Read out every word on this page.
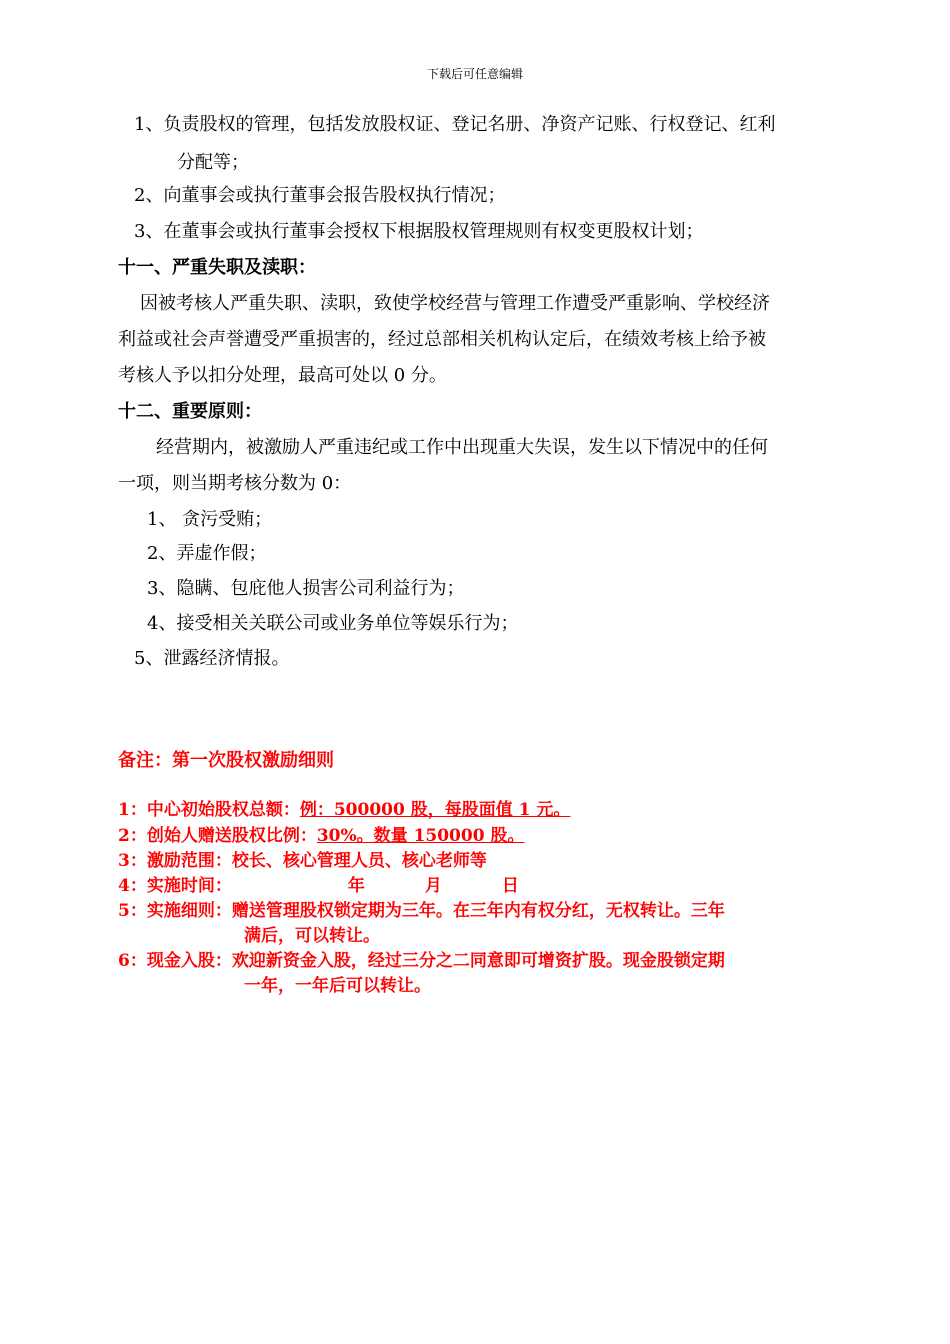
下载后可任意编辑
1、负责股权的管理，包括发放股权证、登记名册、净资产记账、行权登记、红利
分配等；
2、向董事会或执行董事会报告股权执行情况；
3、在董事会或执行董事会授权下根据股权管理规则有权变更股权计划；
十一、严重失职及渎职：
因被考核人严重失职、渎职，致使学校经营与管理工作遭受严重影响、学校经济
利益或社会声誉遭受严重损害的，经过总部相关机构认定后，在绩效考核上给予被
考核人予以扣分处理，最高可处以 0 分。
十二、重要原则：
经营期内，被激励人严重违纪或工作中出现重大失误，发生以下情况中的任何
一项，则当期考核分数为 0：
1、 贪污受贿；
2、弄虚作假；
3、隐瞒、包庇他人损害公司利益行为；
4、接受相关关联公司或业务单位等娱乐行为；
5、泄露经济情报。
备注：第一次股权激励细则
1：中心初始股权总额：例：500000 股，每股面值 1 元。
2：创始人赠送股权比例：30%。数量 150000 股。
3：激励范围：校长、核心管理人员、核心老师等
4：实施时间：	年	月	日
5：实施细则：赠送管理股权锁定期为三年。在三年内有权分红，无权转让。三年
满后，可以转让。
6：现金入股：欢迎新资金入股，经过三分之二同意即可增资扩股。现金股锁定期
一年，一年后可以转让。
